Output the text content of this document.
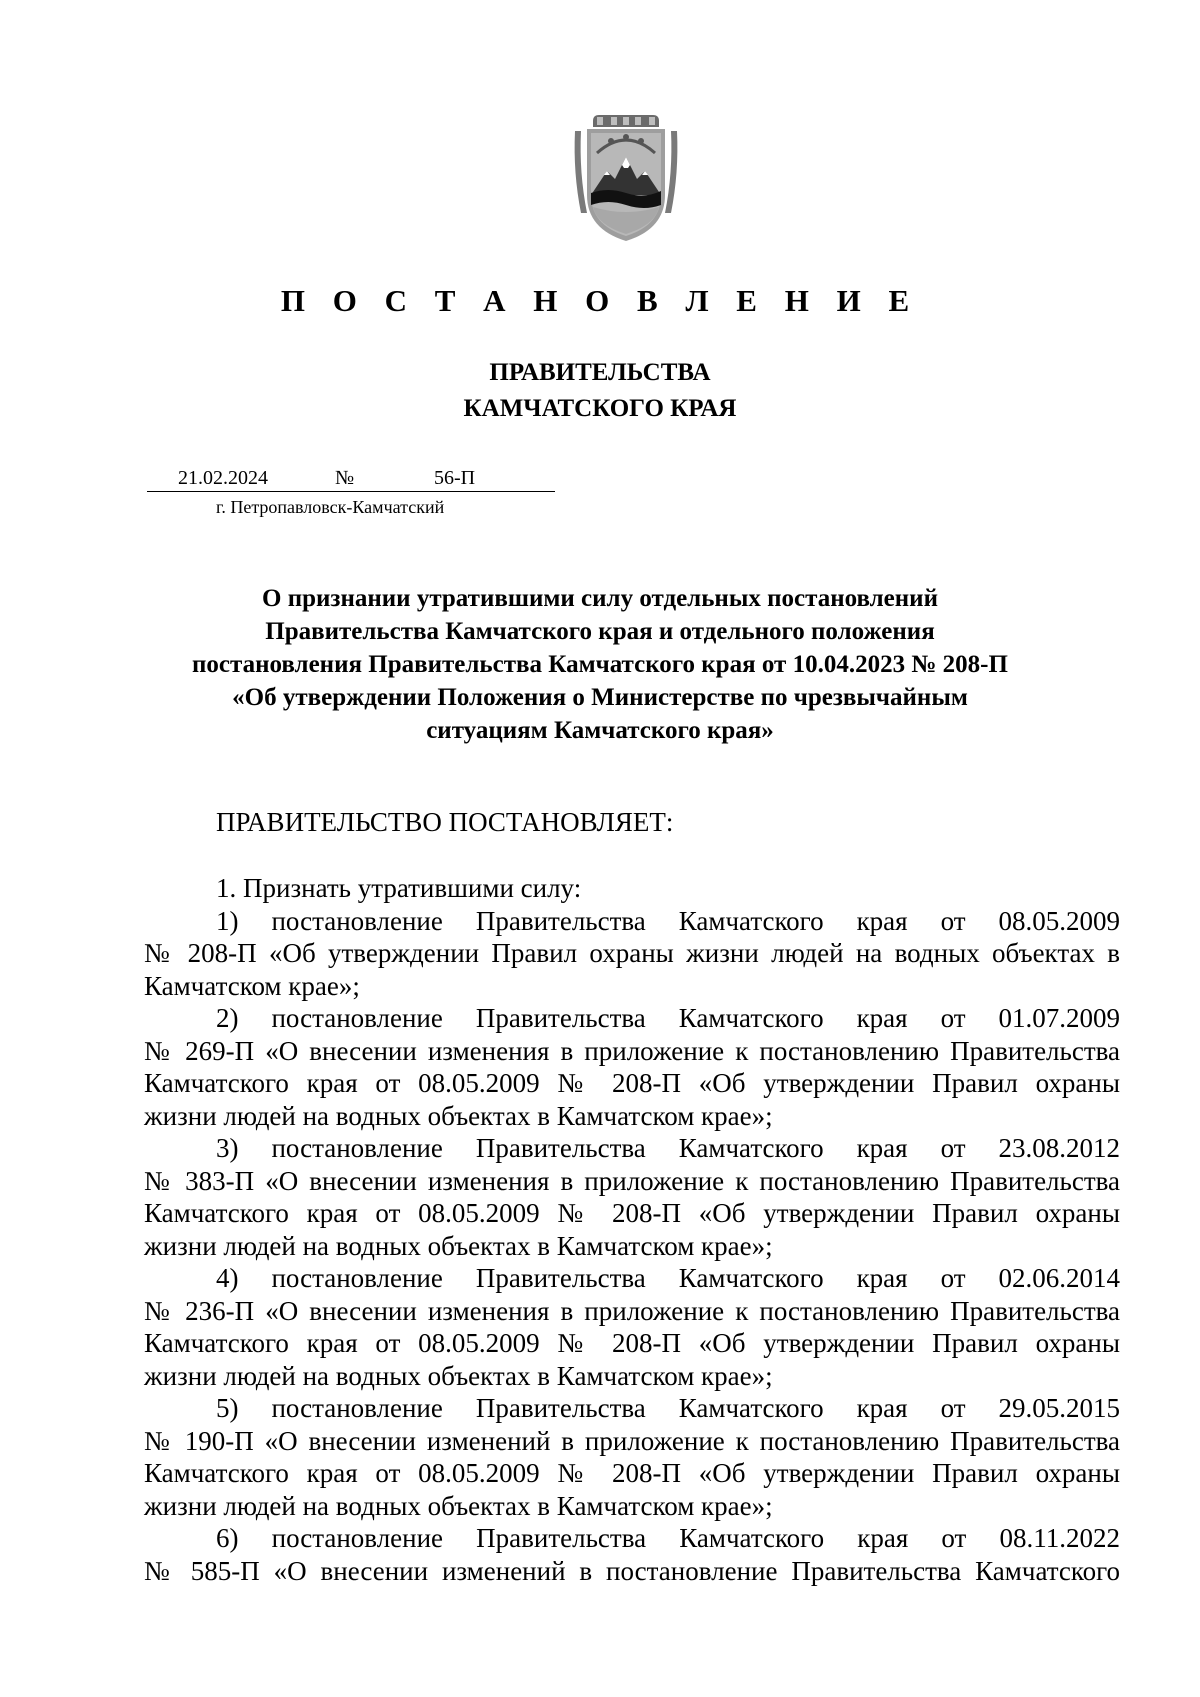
П О С Т А Н О В Л Е Н И Е
ПРАВИТЕЛЬСТВА
КАМЧАТСКОГО КРАЯ
21.02.2024	№	56-П
г. Петропавловск-Камчатский
О признании утратившими силу отдельных постановлений
Правительства Камчатского края и отдельного положения
постановления Правительства Камчатского края от 10.04.2023 № 208-П
«Об утверждении Положения о Министерстве по чрезвычайным
ситуациям Камчатского края»
ПРАВИТЕЛЬСТВО ПОСТАНОВЛЯЕТ:
1. Признать утратившими силу:
1) постановление Правительства Камчатского края от 08.05.2009
№ 208-П «Об утверждении Правил охраны жизни людей на водных объектах в
Камчатском крае»;
2) постановление Правительства Камчатского края от 01.07.2009
№ 269-П «О внесении изменения в приложение к постановлению Правительства
Камчатского края от 08.05.2009 № 208-П «Об утверждении Правил охраны
жизни людей на водных объектах в Камчатском крае»;
3) постановление Правительства Камчатского края от 23.08.2012
№ 383-П «О внесении изменения в приложение к постановлению Правительства
Камчатского края от 08.05.2009 № 208-П «Об утверждении Правил охраны
жизни людей на водных объектах в Камчатском крае»;
4) постановление Правительства Камчатского края от 02.06.2014
№ 236-П «О внесении изменения в приложение к постановлению Правительства
Камчатского края от 08.05.2009 № 208-П «Об утверждении Правил охраны
жизни людей на водных объектах в Камчатском крае»;
5) постановление Правительства Камчатского края от 29.05.2015
№ 190-П «О внесении изменений в приложение к постановлению Правительства
Камчатского края от 08.05.2009 № 208-П «Об утверждении Правил охраны
жизни людей на водных объектах в Камчатском крае»;
6) постановление Правительства Камчатского края от 08.11.2022
№ 585-П «О внесении изменений в постановление Правительства Камчатского
